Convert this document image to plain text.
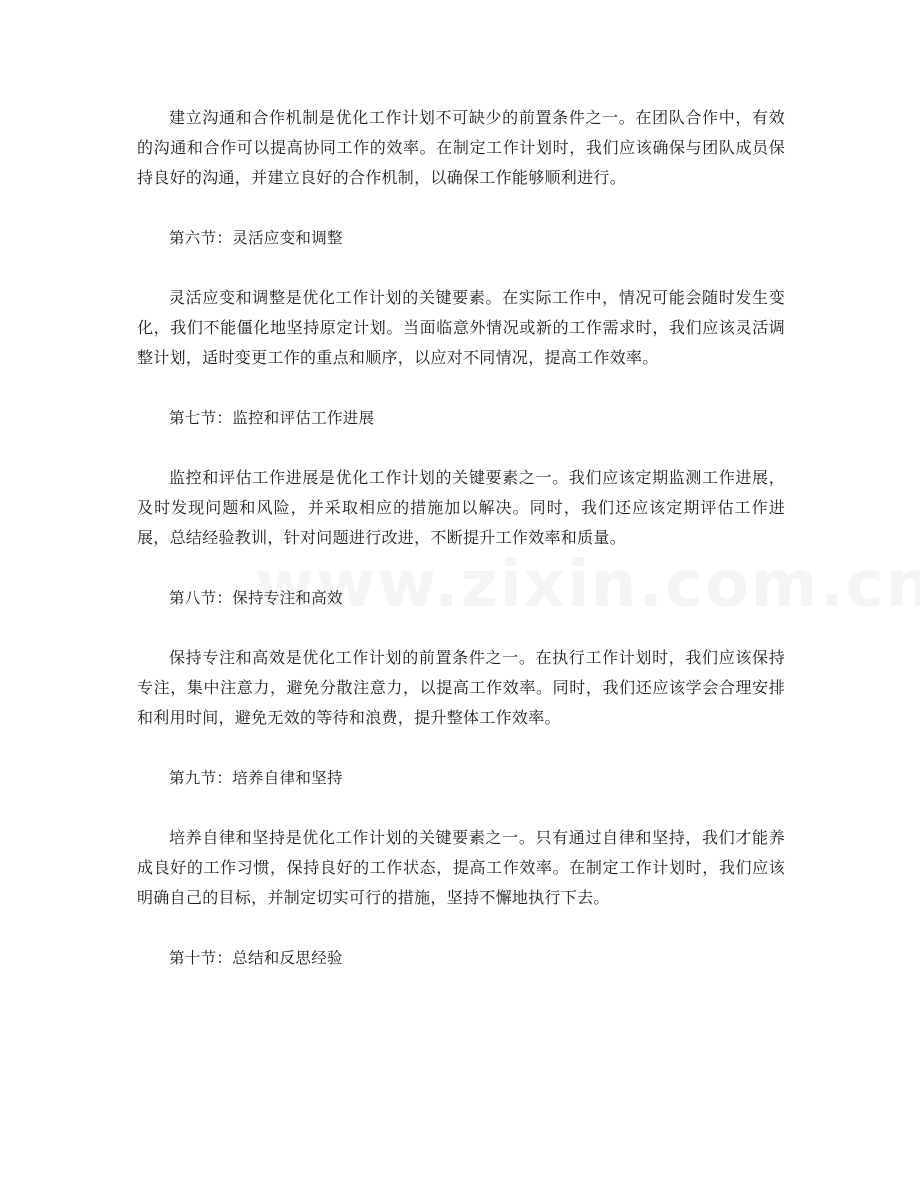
建立沟通和合作机制是优化工作计划不可缺少的前置条件之一。在团队合作中，有效的沟通和合作可以提高协同工作的效率。在制定工作计划时，我们应该确保与团队成员保持良好的沟通，并建立良好的合作机制，以确保工作能够顺利进行。

第六节：灵活应变和调整

灵活应变和调整是优化工作计划的关键要素。在实际工作中，情况可能会随时发生变化，我们不能僵化地坚持原定计划。当面临意外情况或新的工作需求时，我们应该灵活调整计划，适时变更工作的重点和顺序，以应对不同情况，提高工作效率。

第七节：监控和评估工作进展

监控和评估工作进展是优化工作计划的关键要素之一。我们应该定期监测工作进展，及时发现问题和风险，并采取相应的措施加以解决。同时，我们还应该定期评估工作进展，总结经验教训，针对问题进行改进，不断提升工作效率和质量。

第八节：保持专注和高效

保持专注和高效是优化工作计划的前置条件之一。在执行工作计划时，我们应该保持专注，集中注意力，避免分散注意力，以提高工作效率。同时，我们还应该学会合理安排和利用时间，避免无效的等待和浪费，提升整体工作效率。

第九节：培养自律和坚持

培养自律和坚持是优化工作计划的关键要素之一。只有通过自律和坚持，我们才能养成良好的工作习惯，保持良好的工作状态，提高工作效率。在制定工作计划时，我们应该明确自己的目标，并制定切实可行的措施，坚持不懈地执行下去。

第十节：总结和反思经验
